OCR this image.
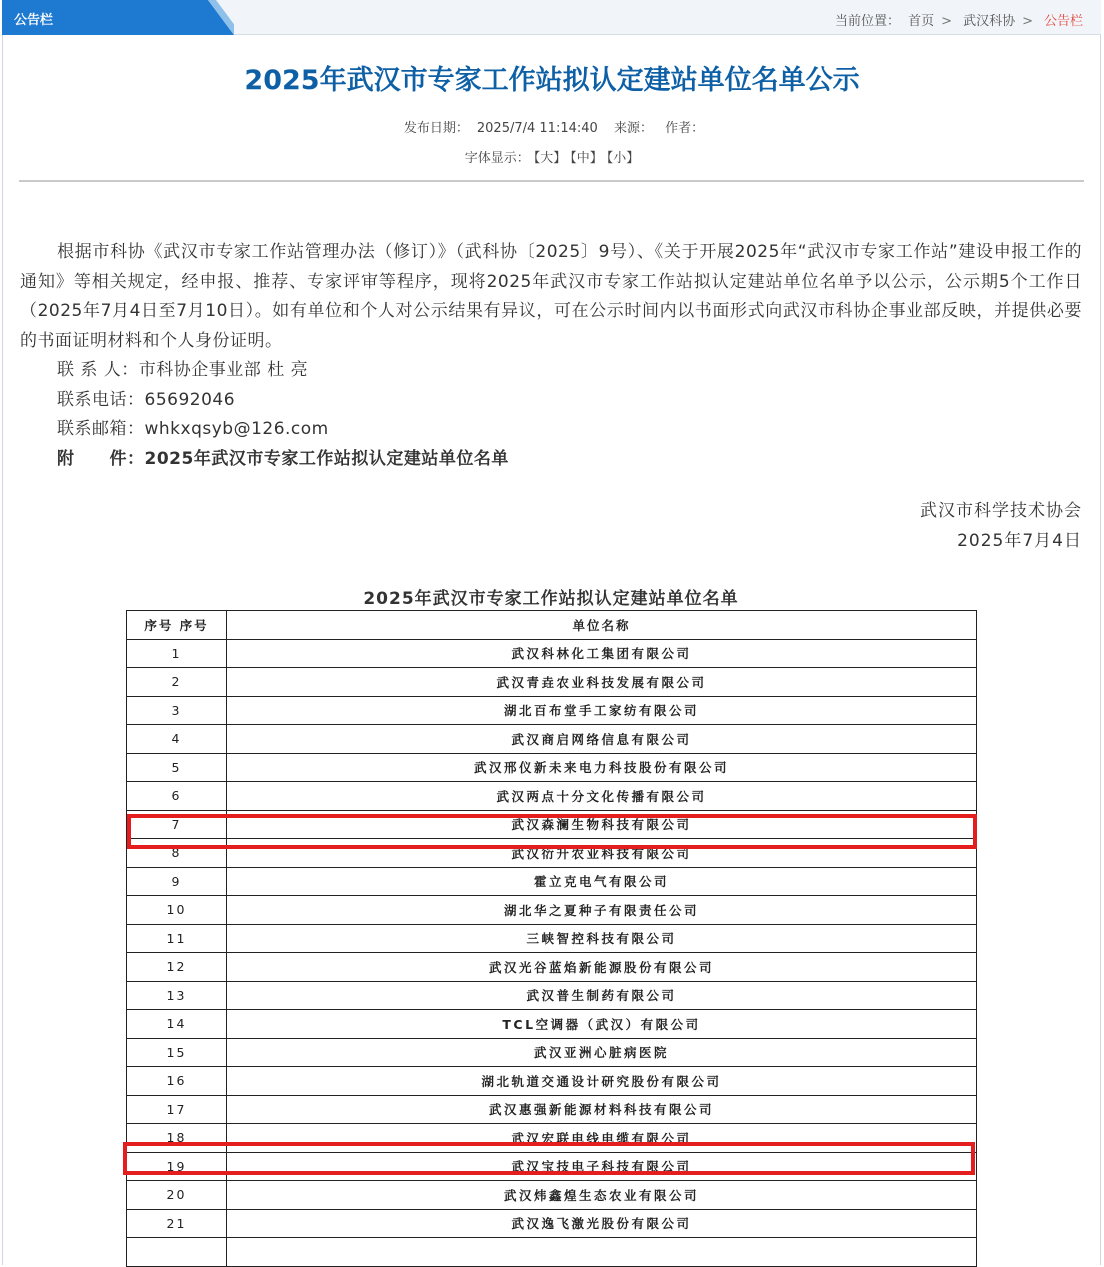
公告栏	当前位置： 首页 > 武汉科协 > 公告栏
2025年武汉市专家工作站拟认定建站单位名单公示
发布日期： 2025/7/4 11:14:40 来源： 作者：
字体显示： 【大】 【中】 【小】

根据市科协《武汉市专家工作站管理办法（修订）》（武科协〔2025〕9号）、《关于开展2025年“武汉市专家工作站”建设申报工作的通知》等相关规定，经申报、推荐、专家评审等程序，现将2025年武汉市专家工作站拟认定建站单位名单予以公示，公示期5个工作日（2025年7月4日至7月10日）。如有单位和个人对公示结果有异议，可在公示时间内以书面形式向武汉市科协企事业部反映，并提供必要的书面证明材料和个人身份证明。

联 系 人：市科协企事业部 杜 亮

联系电话：65692046

联系邮箱：whkxqsyb@126.com

附　　件：2025年武汉市专家工作站拟认定建站单位名单

武汉市科学技术协会
2025年7月4日
2025年武汉市专家工作站拟认定建站单位名单
序号 序号	单位名称
1	武汉科林化工集团有限公司
2	武汉青垚农业科技发展有限公司
3	湖北百布堂手工家纺有限公司
4	武汉商启网络信息有限公司
5	武汉邢仪新未来电力科技股份有限公司
6	武汉两点十分文化传播有限公司
7	武汉森澜生物科技有限公司
8	武汉衍升农业科技有限公司
9	霍立克电气有限公司
10	湖北华之夏种子有限责任公司
11	三峡智控科技有限公司
12	武汉光谷蓝焰新能源股份有限公司
13	武汉普生制药有限公司
14	TCL空调器（武汉）有限公司
15	武汉亚洲心脏病医院
16	湖北轨道交通设计研究股份有限公司
17	武汉惠强新能源材料科技有限公司
18	武汉宏联电线电缆有限公司
19	武汉宝技电子科技有限公司
20	武汉炜鑫煌生态农业有限公司
21	武汉逸飞激光股份有限公司
